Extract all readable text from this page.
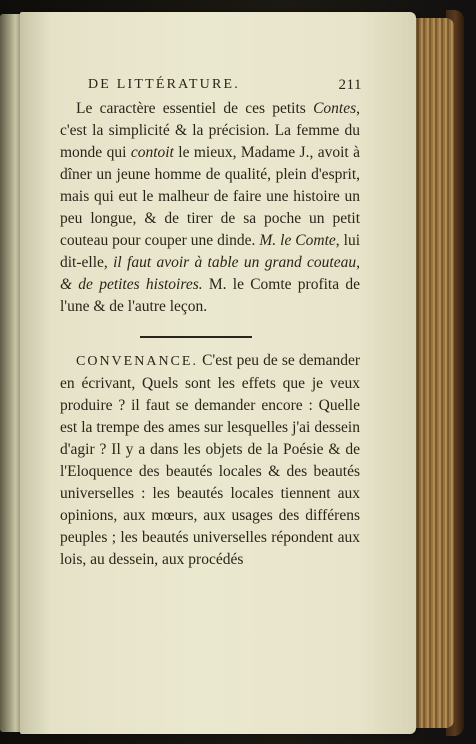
DE LITTÉRATURE.	211

Le caractère essentiel de ces petits Contes, c'est la simplicité & la précision. La femme du monde qui contoit le mieux, Madame J., avoit à dîner un jeune homme de qualité, plein d'esprit, mais qui eut le malheur de faire une histoire un peu longue, & de tirer de sa poche un petit couteau pour couper une dinde. M. le Comte, lui dit-elle, il faut avoir à table un grand couteau, & de petites histoires. M. le Comte profita de l'une & de l'autre leçon.

CONVENANCE. C'est peu de se demander en écrivant, Quels sont les effets que je veux produire ? il faut se demander encore : Quelle est la trempe des ames sur lesquelles j'ai dessein d'agir ? Il y a dans les objets de la Poésie & de l'Eloquence des beautés locales & des beautés universelles : les beautés locales tiennent aux opinions, aux mœurs, aux usages des différens peuples ; les beautés universelles répondent aux lois, au dessein, aux procédés
